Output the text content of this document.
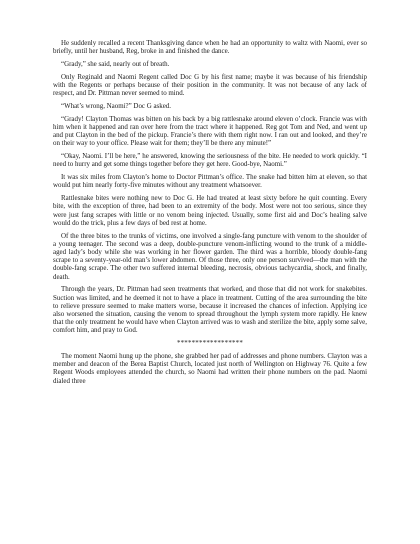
He suddenly recalled a recent Thanksgiving dance when he had an opportunity to waltz with Naomi, ever so briefly, until her husband, Reg, broke in and finished the dance.

“Grady,” she said, nearly out of breath.

Only Reginald and Naomi Regent called Doc G by his first name; maybe it was because of his friendship with the Regents or perhaps because of their position in the community. It was not because of any lack of respect, and Dr. Pittman never seemed to mind.

“What’s wrong, Naomi?” Doc G asked.

“Grady! Clayton Thomas was bitten on his back by a big rattlesnake around eleven o’clock. Francie was with him when it happened and ran over here from the tract where it happened. Reg got Tom and Ned, and went up and put Clayton in the bed of the pickup. Francie’s there with them right now. I ran out and looked, and they’re on their way to your office. Please wait for them; they’ll be there any minute!”

“Okay, Naomi. I’ll be here,” he answered, knowing the seriousness of the bite. He needed to work quickly. “I need to hurry and get some things together before they get here. Good-bye, Naomi.”

It was six miles from Clayton’s home to Doctor Pittman’s office. The snake had bitten him at eleven, so that would put him nearly forty-five minutes without any treatment whatsoever.

Rattlesnake bites were nothing new to Doc G. He had treated at least sixty before he quit counting. Every bite, with the exception of three, had been to an extremity of the body. Most were not too serious, since they were just fang scrapes with little or no venom being injected. Usually, some first aid and Doc’s healing salve would do the trick, plus a few days of bed rest at home.

Of the three bites to the trunks of victims, one involved a single-fang puncture with venom to the shoulder of a young teenager. The second was a deep, double-puncture venom-inflicting wound to the trunk of a middle-aged lady’s body while she was working in her flower garden. The third was a horrible, bloody double-fang scrape to a seventy-year-old man’s lower abdomen. Of those three, only one person survived—the man with the double-fang scrape. The other two suffered internal bleeding, necrosis, obvious tachycardia, shock, and finally, death.

Through the years, Dr. Pittman had seen treatments that worked, and those that did not work for snakebites. Suction was limited, and he deemed it not to have a place in treatment. Cutting of the area surrounding the bite to relieve pressure seemed to make matters worse, because it increased the chances of infection. Applying ice also worsened the situation, causing the venom to spread throughout the lymph system more rapidly. He knew that the only treatment he would have when Clayton arrived was to wash and sterilize the bite, apply some salve, comfort him, and pray to God.

******************

The moment Naomi hung up the phone, she grabbed her pad of addresses and phone numbers. Clayton was a member and deacon of the Berea Baptist Church, located just north of Wellington on Highway 76. Quite a few Regent Woods employees attended the church, so Naomi had written their phone numbers on the pad. Naomi dialed three
